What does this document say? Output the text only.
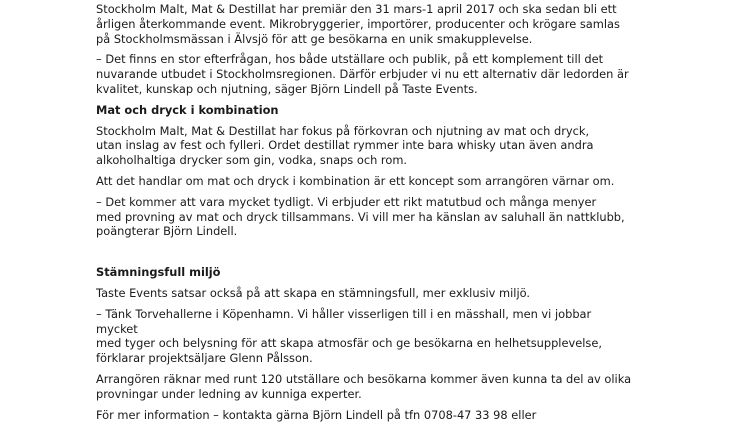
Stockholm Malt, Mat & Destillat har premiär den 31 mars-1 april 2017 och ska sedan bli ett
årligen återkommande event. Mikrobryggerier, importörer, producenter och krögare samlas
på Stockholmsmässan i Älvsjö för att ge besökarna en unik smakupplevelse.

– Det finns en stor efterfrågan, hos både utställare och publik, på ett komplement till det
nuvarande utbudet i Stockholmsregionen. Därför erbjuder vi nu ett alternativ där ledorden är
kvalitet, kunskap och njutning, säger Björn Lindell på Taste Events.

Mat och dryck i kombination

Stockholm Malt, Mat & Destillat har fokus på förkovran och njutning av mat och dryck,
utan inslag av fest och fylleri. Ordet destillat rymmer inte bara whisky utan även andra
alkoholhaltiga drycker som gin, vodka, snaps och rom.

Att det handlar om mat och dryck i kombination är ett koncept som arrangören värnar om.

– Det kommer att vara mycket tydligt. Vi erbjuder ett rikt matutbud och många menyer
med provning av mat och dryck tillsammans. Vi vill mer ha känslan av saluhall än nattklubb,
poängterar Björn Lindell.

Stämningsfull miljö

Taste Events satsar också på att skapa en stämningsfull, mer exklusiv miljö.

– Tänk Torvehallerne i Köpenhamn. Vi håller visserligen till i en mässhall, men vi jobbar mycket
med tyger och belysning för att skapa atmosfär och ge besökarna en helhetsupplevelse,
förklarar projektsäljare Glenn Pålsson.

Arrangören räknar med runt 120 utställare och besökarna kommer även kunna ta del av olika
provningar under ledning av kunniga experter.

För mer information – kontakta gärna Björn Lindell på tfn 0708-47 33 98 eller
